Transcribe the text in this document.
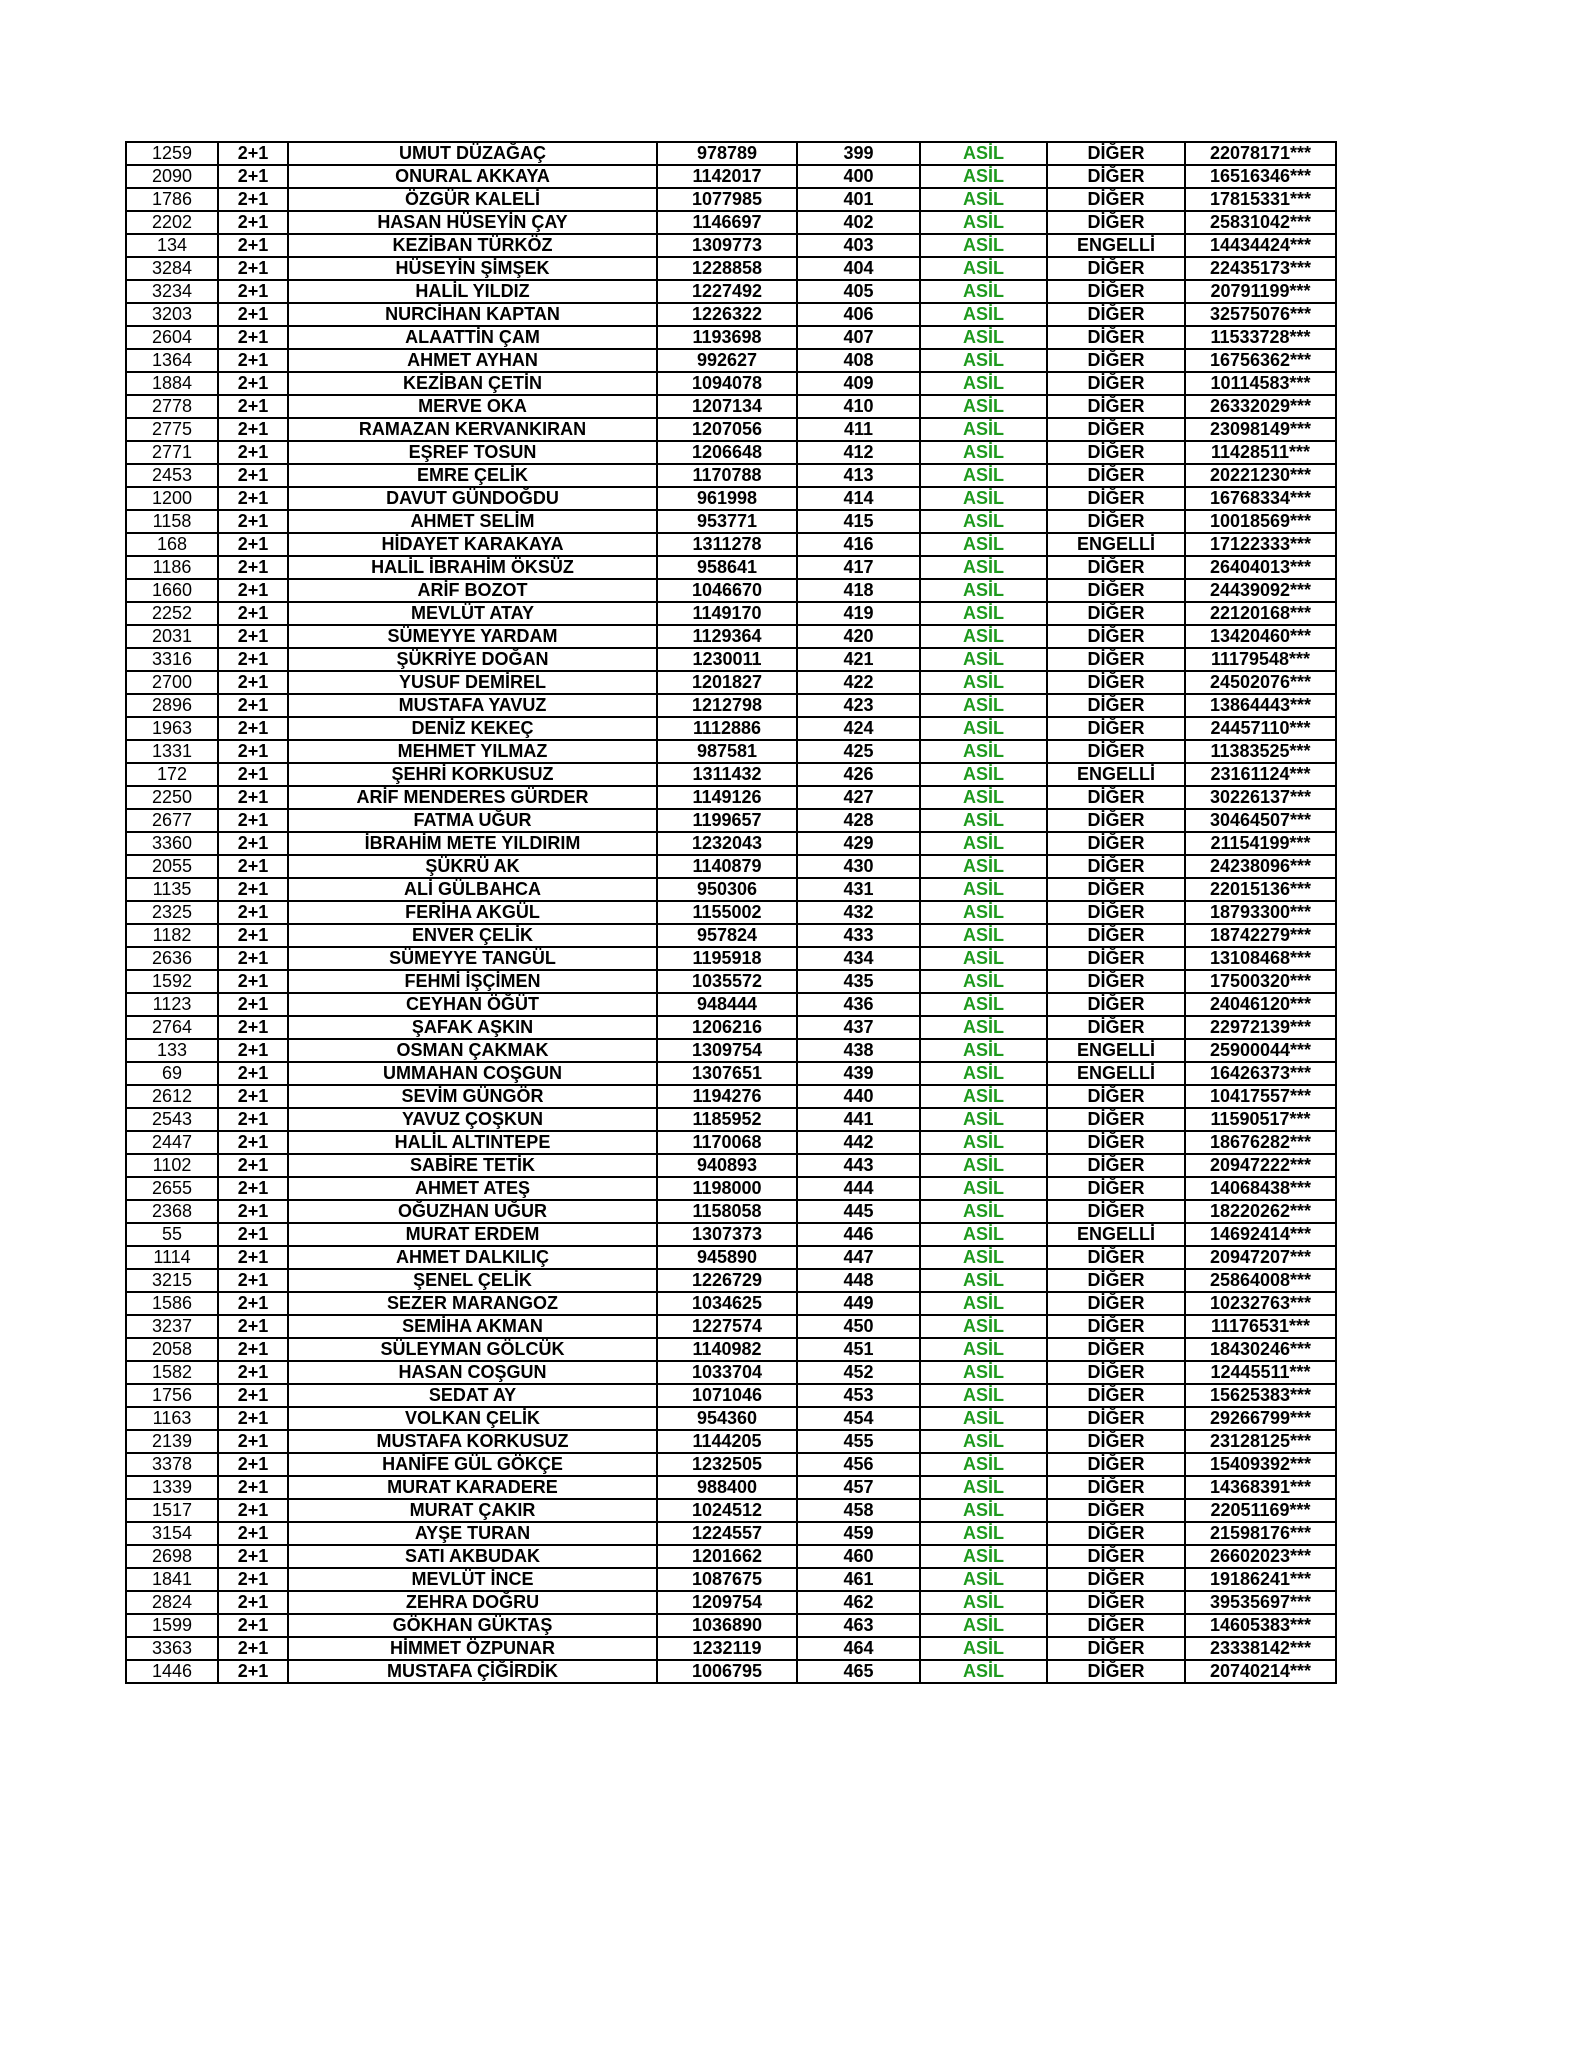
1259	2+1	UMUT DÜZAĞAÇ	978789	399	ASİL	DİĞER	22078171***
2090	2+1	ONURAL AKKAYA	1142017	400	ASİL	DİĞER	16516346***
1786	2+1	ÖZGÜR KALELİ	1077985	401	ASİL	DİĞER	17815331***
2202	2+1	HASAN HÜSEYİN ÇAY	1146697	402	ASİL	DİĞER	25831042***
134	2+1	KEZİBAN TÜRKÖZ	1309773	403	ASİL	ENGELLİ	14434424***
3284	2+1	HÜSEYİN ŞİMŞEK	1228858	404	ASİL	DİĞER	22435173***
3234	2+1	HALİL YILDIZ	1227492	405	ASİL	DİĞER	20791199***
3203	2+1	NURCİHAN KAPTAN	1226322	406	ASİL	DİĞER	32575076***
2604	2+1	ALAATTİN ÇAM	1193698	407	ASİL	DİĞER	11533728***
1364	2+1	AHMET AYHAN	992627	408	ASİL	DİĞER	16756362***
1884	2+1	KEZİBAN ÇETİN	1094078	409	ASİL	DİĞER	10114583***
2778	2+1	MERVE OKA	1207134	410	ASİL	DİĞER	26332029***
2775	2+1	RAMAZAN KERVANKIRAN	1207056	411	ASİL	DİĞER	23098149***
2771	2+1	EŞREF TOSUN	1206648	412	ASİL	DİĞER	11428511***
2453	2+1	EMRE ÇELİK	1170788	413	ASİL	DİĞER	20221230***
1200	2+1	DAVUT GÜNDOĞDU	961998	414	ASİL	DİĞER	16768334***
1158	2+1	AHMET SELİM	953771	415	ASİL	DİĞER	10018569***
168	2+1	HİDAYET KARAKAYA	1311278	416	ASİL	ENGELLİ	17122333***
1186	2+1	HALİL İBRAHİM ÖKSÜZ	958641	417	ASİL	DİĞER	26404013***
1660	2+1	ARİF BOZOT	1046670	418	ASİL	DİĞER	24439092***
2252	2+1	MEVLÜT ATAY	1149170	419	ASİL	DİĞER	22120168***
2031	2+1	SÜMEYYE YARDAM	1129364	420	ASİL	DİĞER	13420460***
3316	2+1	ŞÜKRİYE DOĞAN	1230011	421	ASİL	DİĞER	11179548***
2700	2+1	YUSUF DEMİREL	1201827	422	ASİL	DİĞER	24502076***
2896	2+1	MUSTAFA YAVUZ	1212798	423	ASİL	DİĞER	13864443***
1963	2+1	DENİZ KEKEÇ	1112886	424	ASİL	DİĞER	24457110***
1331	2+1	MEHMET YILMAZ	987581	425	ASİL	DİĞER	11383525***
172	2+1	ŞEHRİ KORKUSUZ	1311432	426	ASİL	ENGELLİ	23161124***
2250	2+1	ARİF MENDERES GÜRDER	1149126	427	ASİL	DİĞER	30226137***
2677	2+1	FATMA UĞUR	1199657	428	ASİL	DİĞER	30464507***
3360	2+1	İBRAHİM METE YILDIRIM	1232043	429	ASİL	DİĞER	21154199***
2055	2+1	ŞÜKRÜ AK	1140879	430	ASİL	DİĞER	24238096***
1135	2+1	ALİ GÜLBAHCA	950306	431	ASİL	DİĞER	22015136***
2325	2+1	FERİHA AKGÜL	1155002	432	ASİL	DİĞER	18793300***
1182	2+1	ENVER ÇELİK	957824	433	ASİL	DİĞER	18742279***
2636	2+1	SÜMEYYE TANGÜL	1195918	434	ASİL	DİĞER	13108468***
1592	2+1	FEHMİ İŞÇİMEN	1035572	435	ASİL	DİĞER	17500320***
1123	2+1	CEYHAN ÖĞÜT	948444	436	ASİL	DİĞER	24046120***
2764	2+1	ŞAFAK AŞKIN	1206216	437	ASİL	DİĞER	22972139***
133	2+1	OSMAN ÇAKMAK	1309754	438	ASİL	ENGELLİ	25900044***
69	2+1	UMMAHAN COŞGUN	1307651	439	ASİL	ENGELLİ	16426373***
2612	2+1	SEVİM GÜNGÖR	1194276	440	ASİL	DİĞER	10417557***
2543	2+1	YAVUZ ÇOŞKUN	1185952	441	ASİL	DİĞER	11590517***
2447	2+1	HALİL ALTINTEPE	1170068	442	ASİL	DİĞER	18676282***
1102	2+1	SABİRE TETİK	940893	443	ASİL	DİĞER	20947222***
2655	2+1	AHMET ATEŞ	1198000	444	ASİL	DİĞER	14068438***
2368	2+1	OĞUZHAN UĞUR	1158058	445	ASİL	DİĞER	18220262***
55	2+1	MURAT ERDEM	1307373	446	ASİL	ENGELLİ	14692414***
1114	2+1	AHMET DALKILIÇ	945890	447	ASİL	DİĞER	20947207***
3215	2+1	ŞENEL ÇELİK	1226729	448	ASİL	DİĞER	25864008***
1586	2+1	SEZER MARANGOZ	1034625	449	ASİL	DİĞER	10232763***
3237	2+1	SEMİHA AKMAN	1227574	450	ASİL	DİĞER	11176531***
2058	2+1	SÜLEYMAN GÖLCÜK	1140982	451	ASİL	DİĞER	18430246***
1582	2+1	HASAN COŞGUN	1033704	452	ASİL	DİĞER	12445511***
1756	2+1	SEDAT AY	1071046	453	ASİL	DİĞER	15625383***
1163	2+1	VOLKAN ÇELİK	954360	454	ASİL	DİĞER	29266799***
2139	2+1	MUSTAFA KORKUSUZ	1144205	455	ASİL	DİĞER	23128125***
3378	2+1	HANİFE GÜL GÖKÇE	1232505	456	ASİL	DİĞER	15409392***
1339	2+1	MURAT KARADERE	988400	457	ASİL	DİĞER	14368391***
1517	2+1	MURAT ÇAKIR	1024512	458	ASİL	DİĞER	22051169***
3154	2+1	AYŞE TURAN	1224557	459	ASİL	DİĞER	21598176***
2698	2+1	SATI AKBUDAK	1201662	460	ASİL	DİĞER	26602023***
1841	2+1	MEVLÜT İNCE	1087675	461	ASİL	DİĞER	19186241***
2824	2+1	ZEHRA DOĞRU	1209754	462	ASİL	DİĞER	39535697***
1599	2+1	GÖKHAN GÜKTAŞ	1036890	463	ASİL	DİĞER	14605383***
3363	2+1	HİMMET ÖZPUNAR	1232119	464	ASİL	DİĞER	23338142***
1446	2+1	MUSTAFA ÇİĞİRDİK	1006795	465	ASİL	DİĞER	20740214***
